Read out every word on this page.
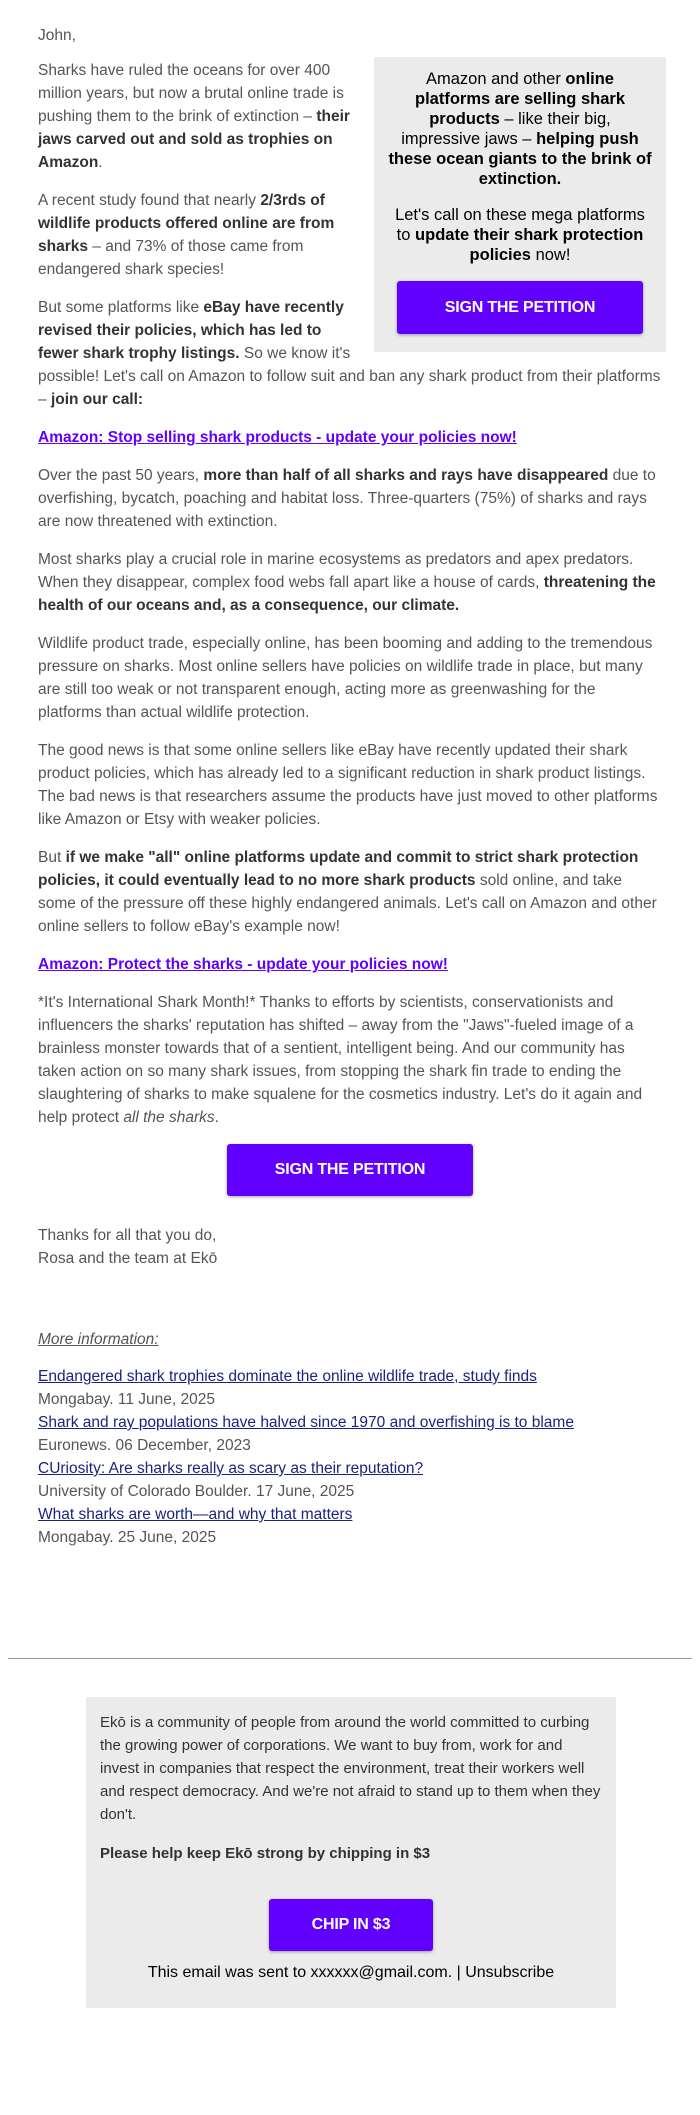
John,

Amazon and other online platforms are selling shark products – like their big, impressive jaws – helping push these ocean giants to the brink of extinction.

Let's call on these mega platforms to update their shark protection policies now!

SIGN THE PETITION

Sharks have ruled the oceans for over 400 million years, but now a brutal online trade is pushing them to the brink of extinction – their jaws carved out and sold as trophies on Amazon.

A recent study found that nearly 2/3rds of wildlife products offered online are from sharks – and 73% of those came from endangered shark species!

But some platforms like eBay have recently revised their policies, which has led to fewer shark trophy listings. So we know it's possible! Let's call on Amazon to follow suit and ban any shark product from their platforms – join our call:

Amazon: Stop selling shark products - update your policies now!

Over the past 50 years, more than half of all sharks and rays have disappeared due to overfishing, bycatch, poaching and habitat loss. Three-quarters (75%) of sharks and rays are now threatened with extinction.

Most sharks play a crucial role in marine ecosystems as predators and apex predators. When they disappear, complex food webs fall apart like a house of cards, threatening the health of our oceans and, as a consequence, our climate.

Wildlife product trade, especially online, has been booming and adding to the tremendous pressure on sharks. Most online sellers have policies on wildlife trade in place, but many are still too weak or not transparent enough, acting more as greenwashing for the platforms than actual wildlife protection.

The good news is that some online sellers like eBay have recently updated their shark product policies, which has already led to a significant reduction in shark product listings. The bad news is that researchers assume the products have just moved to other platforms like Amazon or Etsy with weaker policies.

But if we make "all" online platforms update and commit to strict shark protection policies, it could eventually lead to no more shark products sold online, and take some of the pressure off these highly endangered animals. Let's call on Amazon and other online sellers to follow eBay's example now!

Amazon: Protect the sharks - update your policies now!

*It's International Shark Month!* Thanks to efforts by scientists, conservationists and influencers the sharks' reputation has shifted – away from the "Jaws"-fueled image of a brainless monster towards that of a sentient, intelligent being. And our community has taken action on so many shark issues, from stopping the shark fin trade to ending the slaughtering of sharks to make squalene for the cosmetics industry. Let's do it again and help protect all the sharks.

SIGN THE PETITION
Thanks for all that you do,
Rosa and the team at Ekō
More information:
Endangered shark trophies dominate the online wildlife trade, study finds
Mongabay. 11 June, 2025
Shark and ray populations have halved since 1970 and overfishing is to blame
Euronews. 06 December, 2023
CUriosity: Are sharks really as scary as their reputation?
University of Colorado Boulder. 17 June, 2025
What sharks are worth—and why that matters
Mongabay. 25 June, 2025

Ekō is a community of people from around the world committed to curbing the growing power of corporations. We want to buy from, work for and invest in companies that respect the environment, treat their workers well and respect democracy. And we're not afraid to stand up to them when they don't.

Please help keep Ekō strong by chipping in $3

CHIP IN $3
This email was sent to xxxxxx@gmail.com. | Unsubscribe
